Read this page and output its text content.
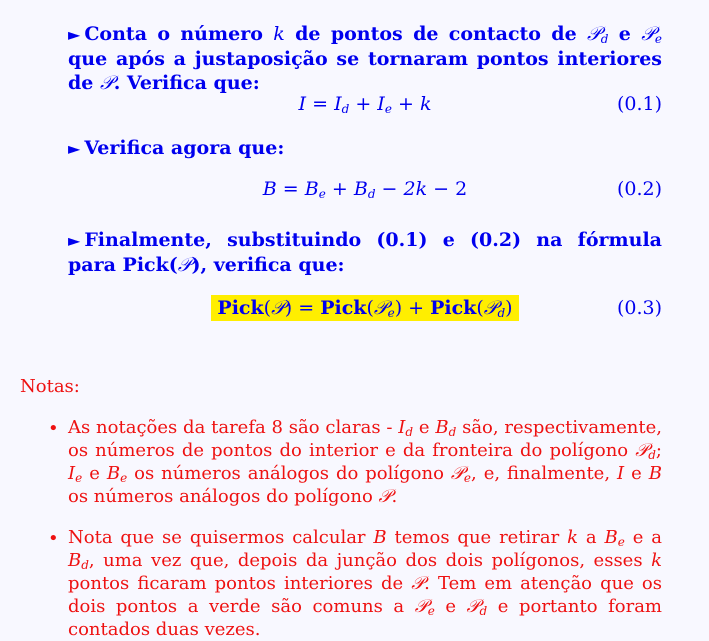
► Conta o número k de pontos de contacto de 𝒫$_d$ e 𝒫$_e$ que após a justaposição se tornaram pontos interiores de 𝒫. Verifica que:
$I = I_d + I_e + k$	(0.1)
► Verifica agora que:
$B = B_e + B_d - 2k - 2$	(0.2)
► Finalmente, substituindo (0.1) e (0.2) na fórmula para Pick(𝒫), verifica que:
Pick(𝒫) = Pick(𝒫$_e$) + Pick(𝒫$_d$)	(0.3)
Notas:
• As notações da tarefa 8 são claras - $I_d$ e $B_d$ são, respectivamente, os números de pontos do interior e da fronteira do polígono 𝒫$_d$; $I_e$ e $B_e$ os números análogos do polígono 𝒫$_e$, e, finalmente, I e B os números análogos do polígono 𝒫.
• Nota que se quisermos calcular B temos que retirar k a $B_e$ e a $B_d$, uma vez que, depois da junção dos dois polígonos, esses k pontos ficaram pontos interiores de 𝒫. Tem em atenção que os dois pontos a verde são comuns a 𝒫$_e$ e 𝒫$_d$ e portanto foram contados duas vezes.
